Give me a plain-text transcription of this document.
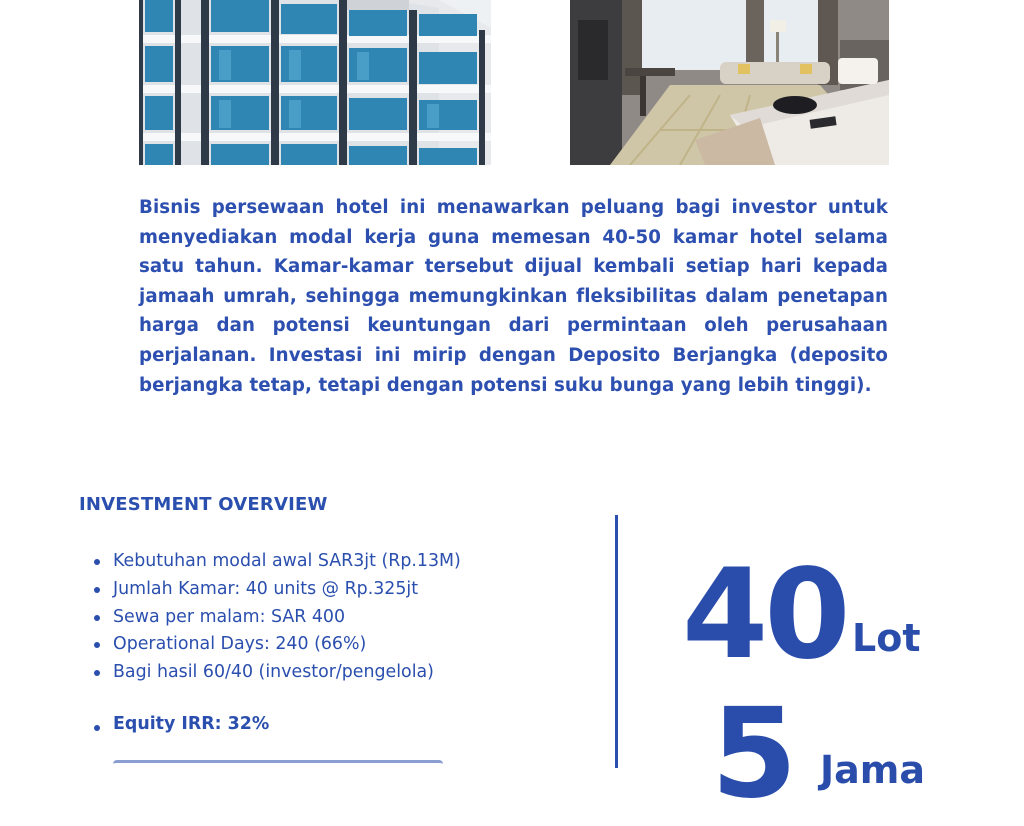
Bisnis persewaan hotel ini menawarkan peluang bagi investor untuk menyediakan modal kerja guna memesan 40-50 kamar hotel selama satu tahun. Kamar-kamar tersebut dijual kembali setiap hari kepada jamaah umrah, sehingga memungkinkan fleksibilitas dalam penetapan harga dan potensi keuntungan dari permintaan oleh perusahaan perjalanan. Investasi ini mirip dengan Deposito Berjangka (deposito berjangka tetap, tetapi dengan potensi suku bunga yang lebih tinggi).

INVESTMENT OVERVIEW
Kebutuhan modal awal SAR3jt (Rp.13M)
Jumlah Kamar: 40 units @ Rp.325jt
Sewa per malam: SAR 400
Operational Days: 240 (66%)
Bagi hasil 60/40 (investor/pengelola)

Equity IRR: 32%

40 Lot

5 Jama
